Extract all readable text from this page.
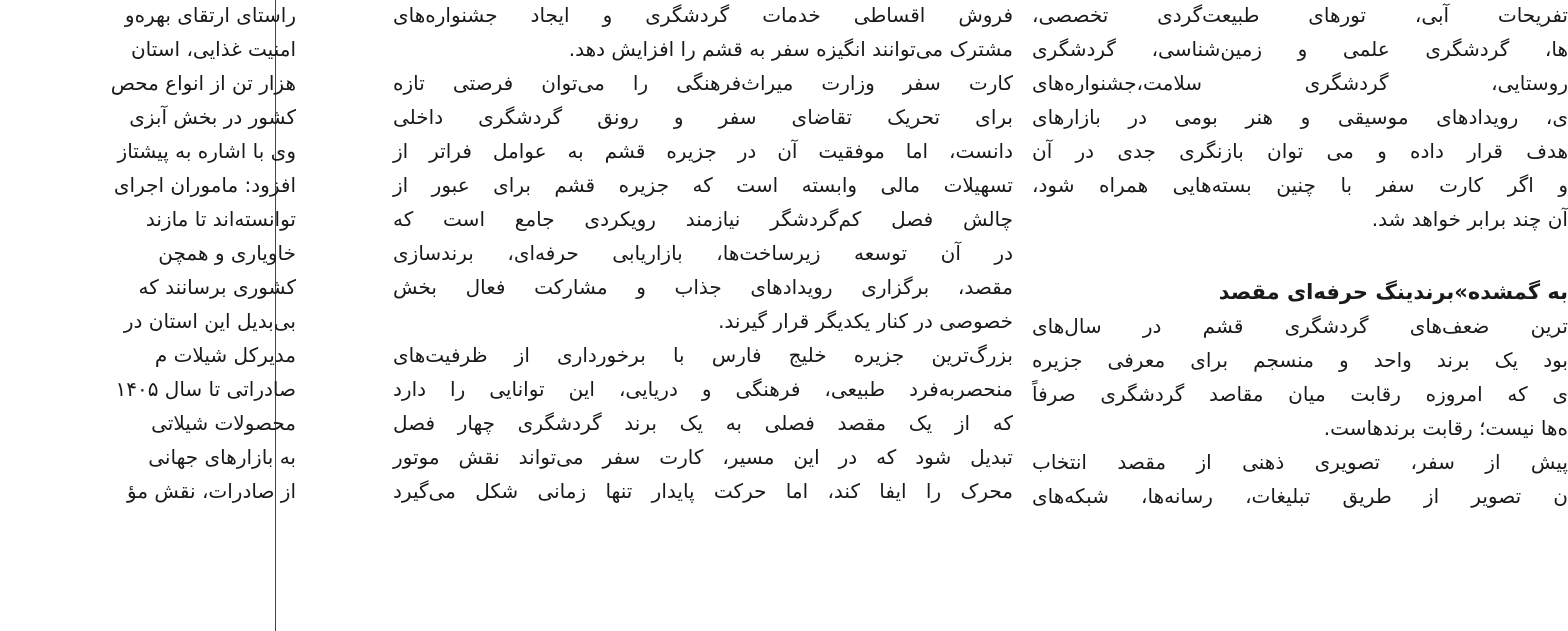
تفریحات آبی، تورهای طبیعت‌گردی تخصصی،
ها، گردشگری علمی و زمین‌شناسی، گردشگری
روستایی، گردشگری سلامت،جشنواره‌های
ی، رویدادهای موسیقی و هنر بومی در بازارهای
هدف قرار داده و می توان بازنگری جدی در آن
و اگر کارت سفر با چنین بسته‌هایی همراه شود،
آن چند برابر خواهد شد.
به گمشده»برندینگ حرفه‌ای مقصد
ترین ضعف‌های گردشگری قشم در سال‌های
بود یک برند واحد و منسجم برای معرفی جزیره
ی که امروزه رقابت میان مقاصد گردشگری صرفاً
ه‌ها نیست؛ رقابت برندهاست.
پیش از سفر، تصویری ذهنی از مقصد انتخاب
ن تصویر از طریق تبلیغات، رسانه‌ها، شبکه‌های
فروش اقساطی خدمات گردشگری و ایجاد جشنواره‌های
مشترک می‌توانند انگیزه سفر به قشم را افزایش دهد.
کارت سفر وزارت میراث‌فرهنگی را می‌توان فرصتی تازه
برای تحریک تقاضای سفر و رونق گردشگری داخلی
دانست، اما موفقیت آن در جزیره قشم به عوامل فراتر از
تسهیلات مالی وابسته است که جزیره قشم برای عبور از
چالش فصل کم‌گردشگر نیازمند رویکردی جامع است که
در آن توسعه زیرساخت‌ها، بازاریابی حرفه‌ای، برندسازی
مقصد، برگزاری رویدادهای جذاب و مشارکت فعال بخش
خصوصی در کنار یکدیگر قرار گیرند.
بزرگ‌ترین جزیره خلیج فارس با برخورداری از ظرفیت‌های
منحصربه‌فرد طبیعی، فرهنگی و دریایی، این توانایی را دارد
که از یک مقصد فصلی به یک برند گردشگری چهار فصل
تبدیل شود که در این مسیر، کارت سفر می‌تواند نقش موتور
محرک را ایفا کند، اما حرکت پایدار تنها زمانی شکل می‌گیرد
راستای ارتقای بهره‌و
امنیت غذایی، استان
هزار تن از انواع محص
کشور در بخش آبزی
وی با اشاره به پیشتاز
افزود: ماموران اجرای
توانسته‌اند تا مازند
خاویاری و همچن
کشوری برسانند که
بی‌بدیل این استان در
مدیرکل شیلات م
صادراتی تا سال ۱۴۰۵
محصولات شیلاتی
به بازارهای جهانی
از صادرات، نقش مؤ
